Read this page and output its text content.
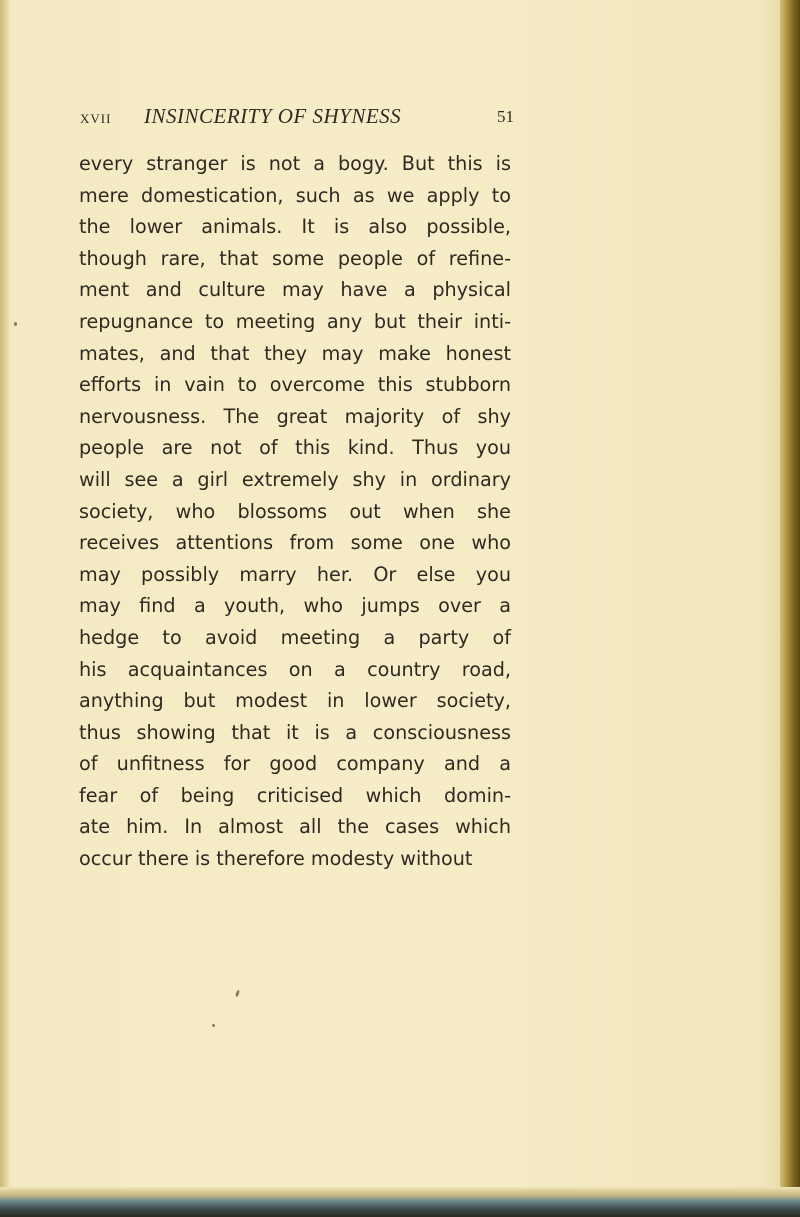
XVII INSINCERITY OF SHYNESS	51
every stranger is not a bogy. But this is
mere domestication, such as we apply to
the lower animals. It is also possible,
though rare, that some people of refine-
ment and culture may have a physical
repugnance to meeting any but their inti-
mates, and that they may make honest
efforts in vain to overcome this stubborn
nervousness. The great majority of shy
people are not of this kind. Thus you
will see a girl extremely shy in ordinary
society, who blossoms out when she
receives attentions from some one who
may possibly marry her. Or else you
may find a youth, who jumps over a
hedge to avoid meeting a party of
his acquaintances on a country road,
anything but modest in lower society,
thus showing that it is a consciousness
of unfitness for good company and a
fear of being criticised which domin-
ate him. In almost all the cases which
occur there is therefore modesty without
